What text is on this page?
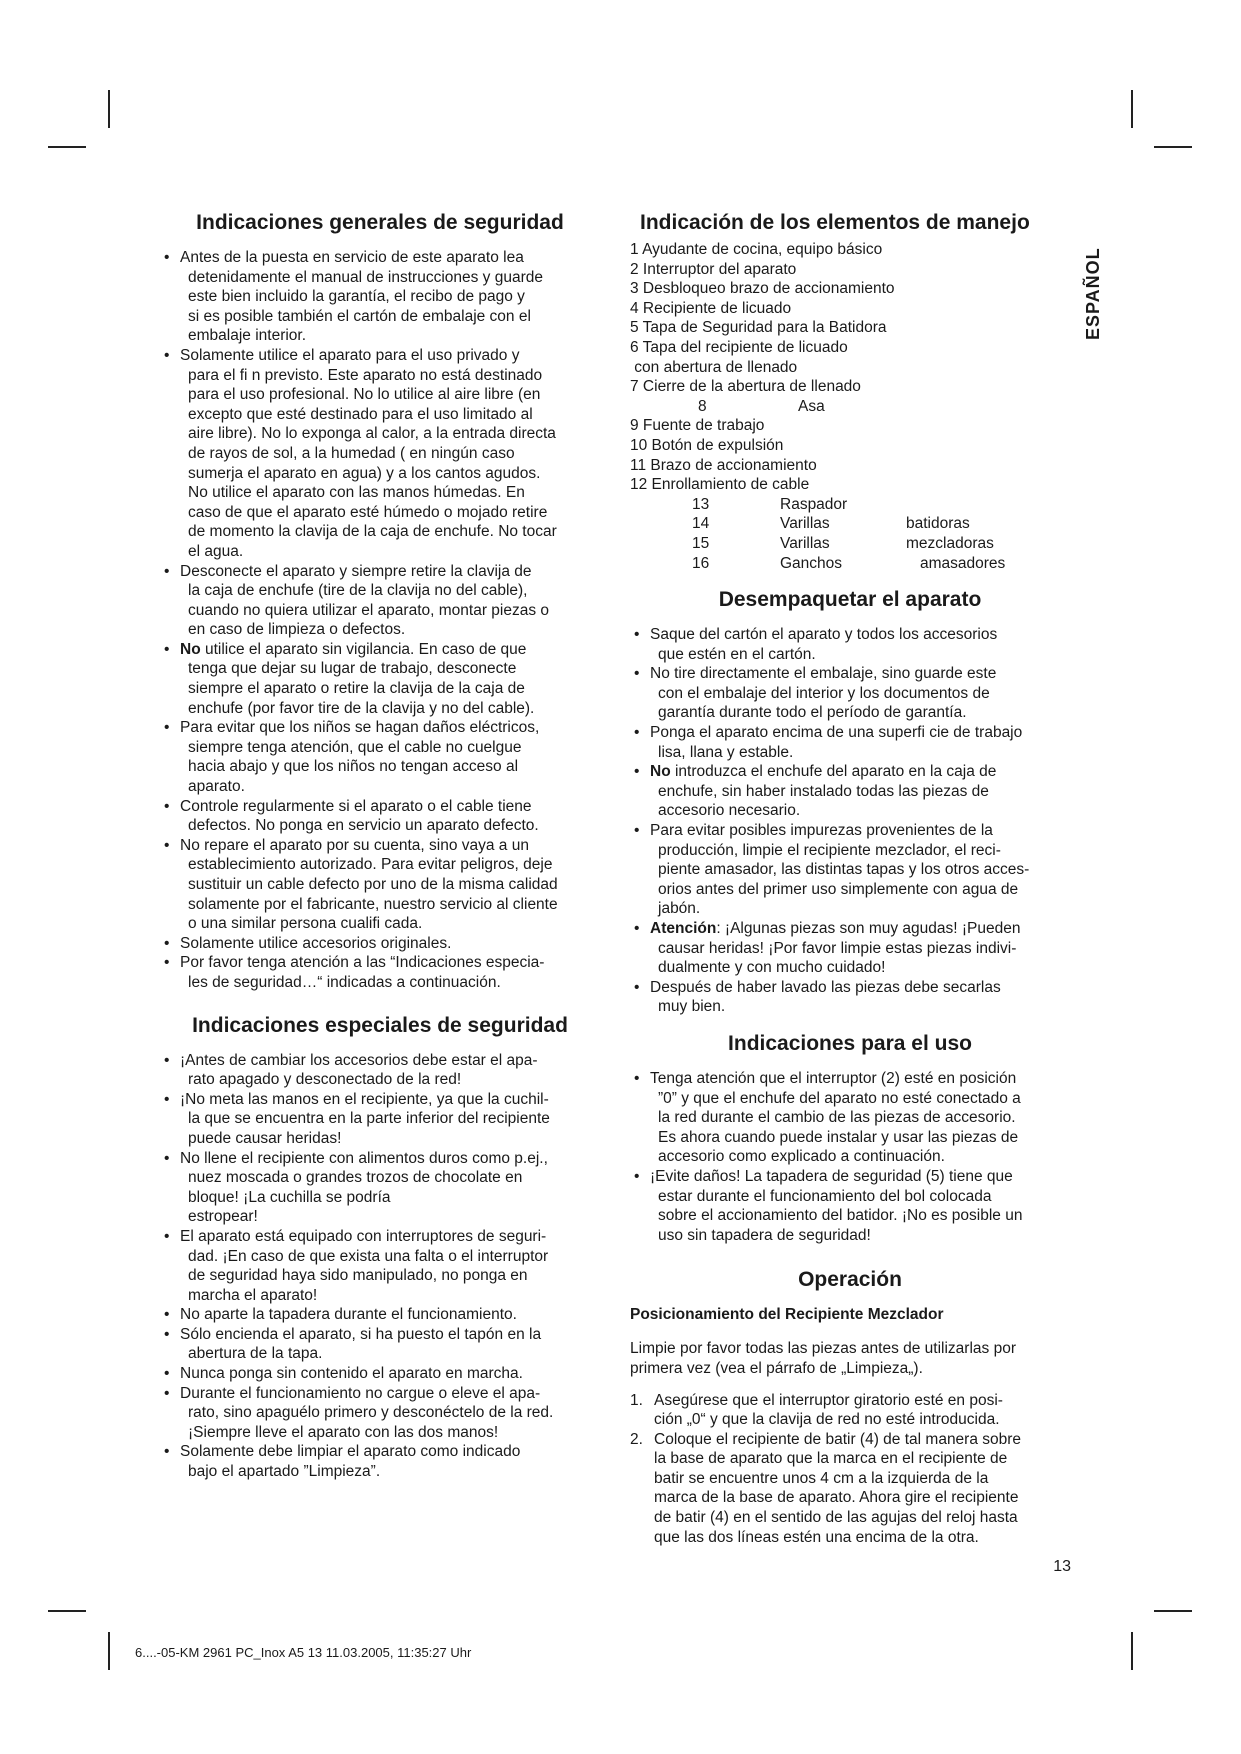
ESPAÑOL
Indicaciones generales de seguridad
• Antes de la puesta en servicio de este aparato lea

detenidamente el manual de instrucciones y guarde

este bien incluido la garantía, el recibo de pago y

si es posible también el cartón de embalaje con el

embalaje interior.

• Solamente utilice el aparato para el uso privado y

para el fi n previsto. Este aparato no está destinado

para el uso profesional. No lo utilice al aire libre (en

excepto que esté destinado para el uso limitado al

aire libre). No lo exponga al calor, a la entrada directa

de rayos de sol, a la humedad ( en ningún caso

sumerja el aparato en agua) y a los cantos agudos.

No utilice el aparato con las manos húmedas. En

caso de que el aparato esté húmedo o mojado retire

de momento la clavija de la caja de enchufe. No tocar

el agua.

• Desconecte el aparato y siempre retire la clavija de

la caja de enchufe (tire de la clavija no del cable),

cuando no quiera utilizar el aparato, montar piezas o

en caso de limpieza o defectos.

• No utilice el aparato sin vigilancia. En caso de que

tenga que dejar su lugar de trabajo, desconecte

siempre el aparato o retire la clavija de la caja de

enchufe (por favor tire de la clavija y no del cable).

• Para evitar que los niños se hagan daños eléctricos,

siempre tenga atención, que el cable no cuelgue

hacia abajo y que los niños no tengan acceso al

aparato.

• Controle regularmente si el aparato o el cable tiene

defectos. No ponga en servicio un aparato defecto.

• No repare el aparato por su cuenta, sino vaya a un

establecimiento autorizado. Para evitar peligros, deje

sustituir un cable defecto por uno de la misma calidad

solamente por el fabricante, nuestro servicio al cliente

o una similar persona cualifi cada.

• Solamente utilice accesorios originales.

• Por favor tenga atención a las “Indicaciones especia-

les de seguridad…“ indicadas a continuación.

Indicaciones especiales de seguridad
• ¡Antes de cambiar los accesorios debe estar el apa-

rato apagado y desconectado de la red!

• ¡No meta las manos en el recipiente, ya que la cuchil-

la que se encuentra en la parte inferior del recipiente

puede causar heridas!

• No llene el recipiente con alimentos duros como p.ej.,

nuez moscada o grandes trozos de chocolate en

bloque! ¡La cuchilla se podría

estropear!

• El aparato está equipado con interruptores de seguri-

dad. ¡En caso de que exista una falta o el interruptor

de seguridad haya sido manipulado, no ponga en

marcha el aparato!

• No aparte la tapadera durante el funcionamiento.

• Sólo encienda el aparato, si ha puesto el tapón en la

abertura de la tapa.

• Nunca ponga sin contenido el aparato en marcha.

• Durante el funcionamiento no cargue o eleve el apa-

rato, sino apaguélo primero y desconéctelo de la red.

¡Siempre lleve el aparato con las dos manos!

• Solamente debe limpiar el aparato como indicado

bajo el apartado ”Limpieza”.

Indicación de los elementos de manejo
1 Ayudante de cocina, equipo básico
2 Interruptor del aparato
3 Desbloqueo brazo de accionamiento
4 Recipiente de licuado
5 Tapa de Seguridad para la Batidora
6 Tapa del recipiente de licuado
con abertura de llenado
7 Cierre de la abertura de llenado
8	Asa
9 Fuente de trabajo
10 Botón de expulsión
11 Brazo de accionamiento
12 Enrollamiento de cable
13	Raspador
14	Varillas	batidoras
15	Varillas	mezcladoras
16	Ganchos	amasadores
Desempaquetar el aparato
• Saque del cartón el aparato y todos los accesorios

que estén en el cartón.

• No tire directamente el embalaje, sino guarde este

con el embalaje del interior y los documentos de

garantía durante todo el período de garantía.

• Ponga el aparato encima de una superfi cie de trabajo

lisa, llana y estable.

• No introduzca el enchufe del aparato en la caja de

enchufe, sin haber instalado todas las piezas de

accesorio necesario.

• Para evitar posibles impurezas provenientes de la

producción, limpie el recipiente mezclador, el reci-

piente amasador, las distintas tapas y los otros acces-

orios antes del primer uso simplemente con agua de

jabón.

• Atención: ¡Algunas piezas son muy agudas! ¡Pueden

causar heridas! ¡Por favor limpie estas piezas indivi-

dualmente y con mucho cuidado!

• Después de haber lavado las piezas debe secarlas

muy bien.

Indicaciones para el uso
• Tenga atención que el interruptor (2) esté en posición

”0” y que el enchufe del aparato no esté conectado a

la red durante el cambio de las piezas de accesorio.

Es ahora cuando puede instalar y usar las piezas de

accesorio como explicado a continuación.

• ¡Evite daños! La tapadera de seguridad (5) tiene que

estar durante el funcionamiento del bol colocada

sobre el accionamiento del batidor. ¡No es posible un

uso sin tapadera de seguridad!

Operación
Posicionamiento del Recipiente Mezclador
Limpie por favor todas las piezas antes de utilizarlas por
primera vez (vea el párrafo de „Limpieza„).
1. Asegúrese que el interruptor giratorio esté en posi-
ción „0“ y que la clavija de red no esté introducida.
2. Coloque el recipiente de batir (4) de tal manera sobre
la base de aparato que la marca en el recipiente de
batir se encuentre unos 4 cm a la izquierda de la
marca de la base de aparato. Ahora gire el recipiente
de batir (4) en el sentido de las agujas del reloj hasta
que las dos líneas estén una encima de la otra.
13
6....-05-KM 2961 PC_Inox A5 13 11.03.2005, 11:35:27 Uhr
